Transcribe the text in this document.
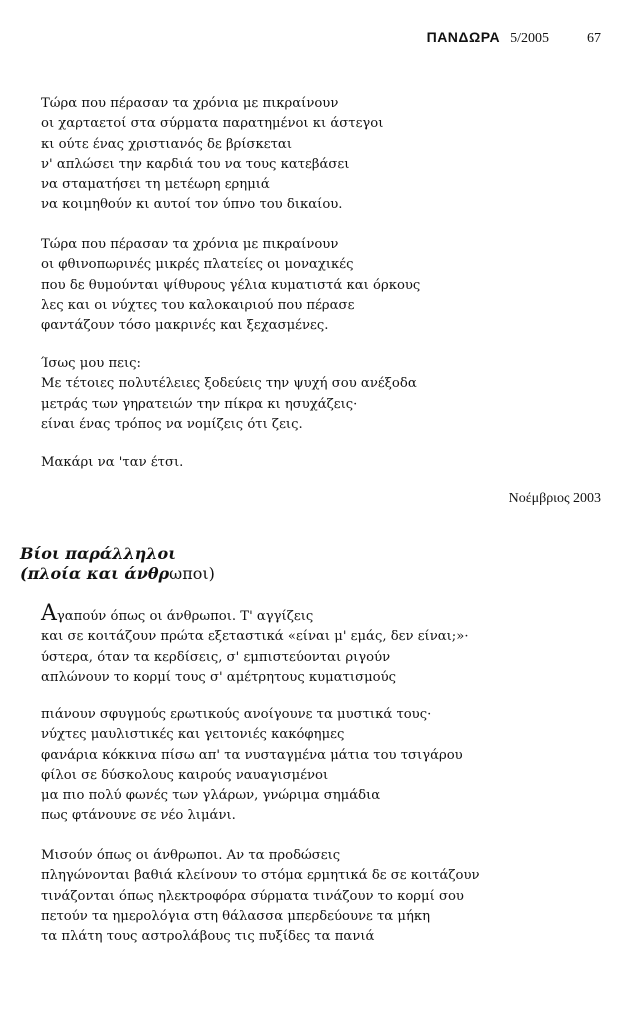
ΠΑΝΔΩΡΑ 5/2005	67
Τώρα που πέρασαν τα χρόνια με πικραίνουν
οι χαρταετοί στα σύρματα παρατημένοι κι άστεγοι
κι ούτε ένας χριστιανός δε βρίσκεται
ν' απλώσει την καρδιά του να τους κατεβάσει
να σταματήσει τη μετέωρη ερημιά
να κοιμηθούν κι αυτοί τον ύπνο του δικαίου.
Τώρα που πέρασαν τα χρόνια με πικραίνουν
οι φθινοπωρινές μικρές πλατείες οι μοναχικές
που δε θυμούνται ψίθυρους γέλια κυματιστά και όρκους
λες και οι νύχτες του καλοκαιριού που πέρασε
φαντάζουν τόσο μακρινές και ξεχασμένες.
Ίσως μου πεις:
Με τέτοιες πολυτέλειες ξοδεύεις την ψυχή σου ανέξοδα
μετράς των γηρατειών την πίκρα κι ησυχάζεις·
είναι ένας τρόπος να νομίζεις ότι ζεις.
Μακάρι να 'ταν έτσι.
Νοέμβριος 2003
Βίοι παράλληλοι
(πλοία και άνθρωποι)
Αγαπούν όπως οι άνθρωποι. Τ' αγγίζεις
και σε κοιτάζουν πρώτα εξεταστικά «είναι μ' εμάς, δεν είναι;»·
ύστερα, όταν τα κερδίσεις, σ' εμπιστεύονται ριγούν
απλώνουν το κορμί τους σ' αμέτρητους κυματισμούς
πιάνουν σφυγμούς ερωτικούς ανοίγουνε τα μυστικά τους·
νύχτες μαυλιστικές και γειτονιές κακόφημες
φανάρια κόκκινα πίσω απ' τα νυσταγμένα μάτια του τσιγάρου
φίλοι σε δύσκολους καιρούς ναυαγισμένοι
μα πιο πολύ φωνές των γλάρων, γνώριμα σημάδια
πως φτάνουνε σε νέο λιμάνι.
Μισούν όπως οι άνθρωποι. Αν τα προδώσεις
πληγώνονται βαθιά κλείνουν το στόμα ερμητικά δε σε κοιτάζουν
τινάζονται όπως ηλεκτροφόρα σύρματα τινάζουν το κορμί σου
πετούν τα ημερολόγια στη θάλασσα μπερδεύουνε τα μήκη
τα πλάτη τους αστρολάβους τις πυξίδες τα πανιά
